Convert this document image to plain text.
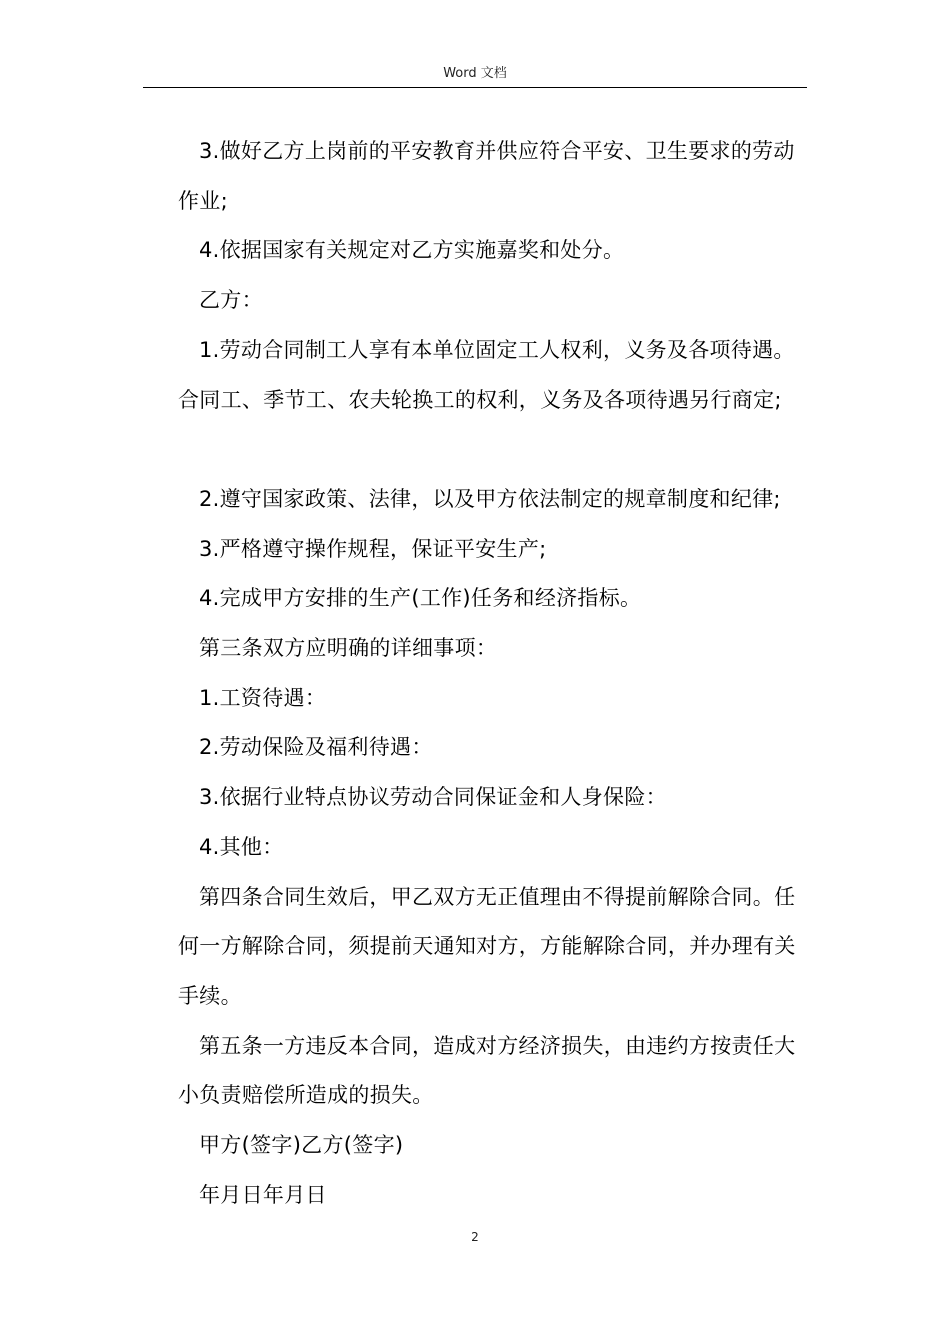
Word 文档

3.做好乙方上岗前的平安教育并供应符合平安、卫生要求的劳动作业;

4.依据国家有关规定对乙方实施嘉奖和处分。

乙方：

1.劳动合同制工人享有本单位固定工人权利，义务及各项待遇。合同工、季节工、农夫轮换工的权利，义务及各项待遇另行商定;

2.遵守国家政策、法律，以及甲方依法制定的规章制度和纪律;

3.严格遵守操作规程，保证平安生产;

4.完成甲方安排的生产(工作)任务和经济指标。

第三条双方应明确的详细事项：

1.工资待遇：

2.劳动保险及福利待遇：

3.依据行业特点协议劳动合同保证金和人身保险：

4.其他：

第四条合同生效后，甲乙双方无正值理由不得提前解除合同。任何一方解除合同，须提前天通知对方，方能解除合同，并办理有关手续。

第五条一方违反本合同，造成对方经济损失，由违约方按责任大小负责赔偿所造成的损失。

甲方(签字)乙方(签字)

年月日年月日

2
